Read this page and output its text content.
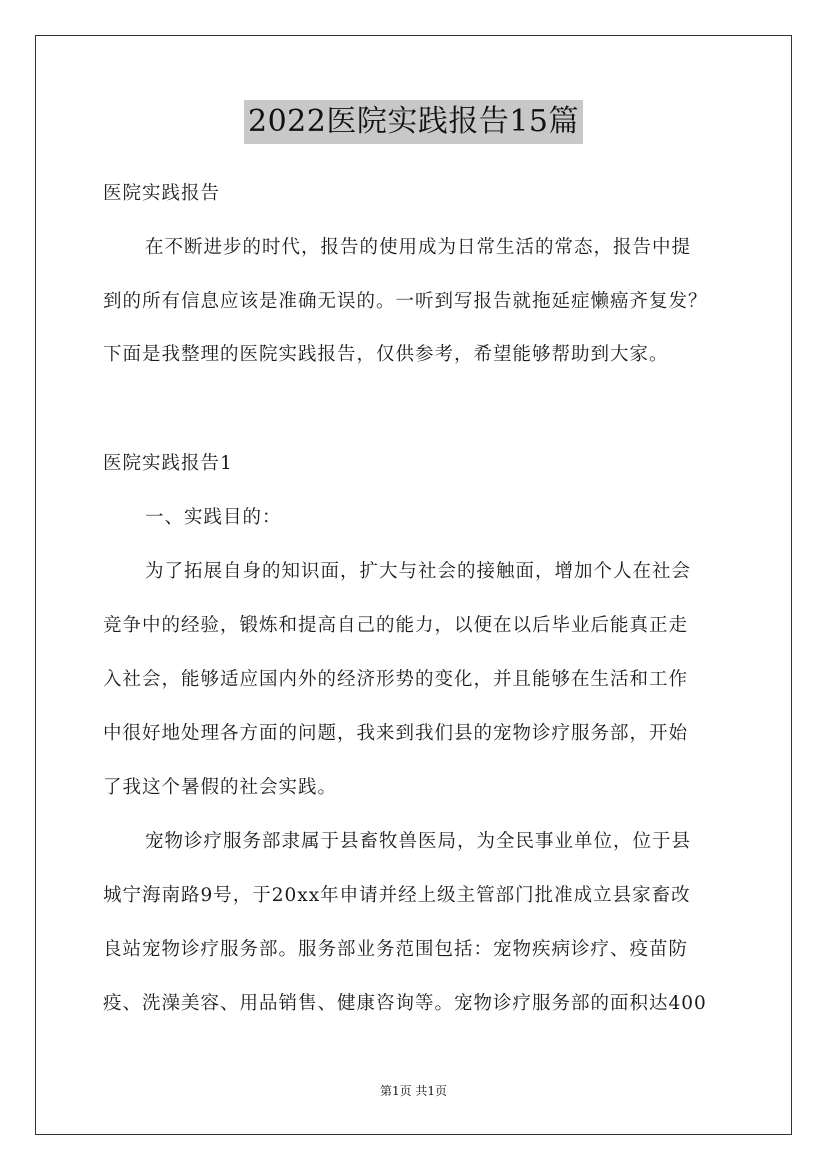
2022医院实践报告15篇
医院实践报告
在不断进步的时代，报告的使用成为日常生活的常态，报告中提
到的所有信息应该是准确无误的。一听到写报告就拖延症懒癌齐复发？
下面是我整理的医院实践报告，仅供参考，希望能够帮助到大家。
医院实践报告1
一、实践目的：
为了拓展自身的知识面，扩大与社会的接触面，增加个人在社会
竞争中的经验，锻炼和提高自己的能力，以便在以后毕业后能真正走
入社会，能够适应国内外的经济形势的变化，并且能够在生活和工作
中很好地处理各方面的问题，我来到我们县的宠物诊疗服务部，开始
了我这个暑假的社会实践。
宠物诊疗服务部隶属于县畜牧兽医局，为全民事业单位，位于县
城宁海南路9号，于20xx年申请并经上级主管部门批准成立县家畜改
良站宠物诊疗服务部。服务部业务范围包括：宠物疾病诊疗、疫苗防
疫、洗澡美容、用品销售、健康咨询等。宠物诊疗服务部的面积达400
第1页 共1页
